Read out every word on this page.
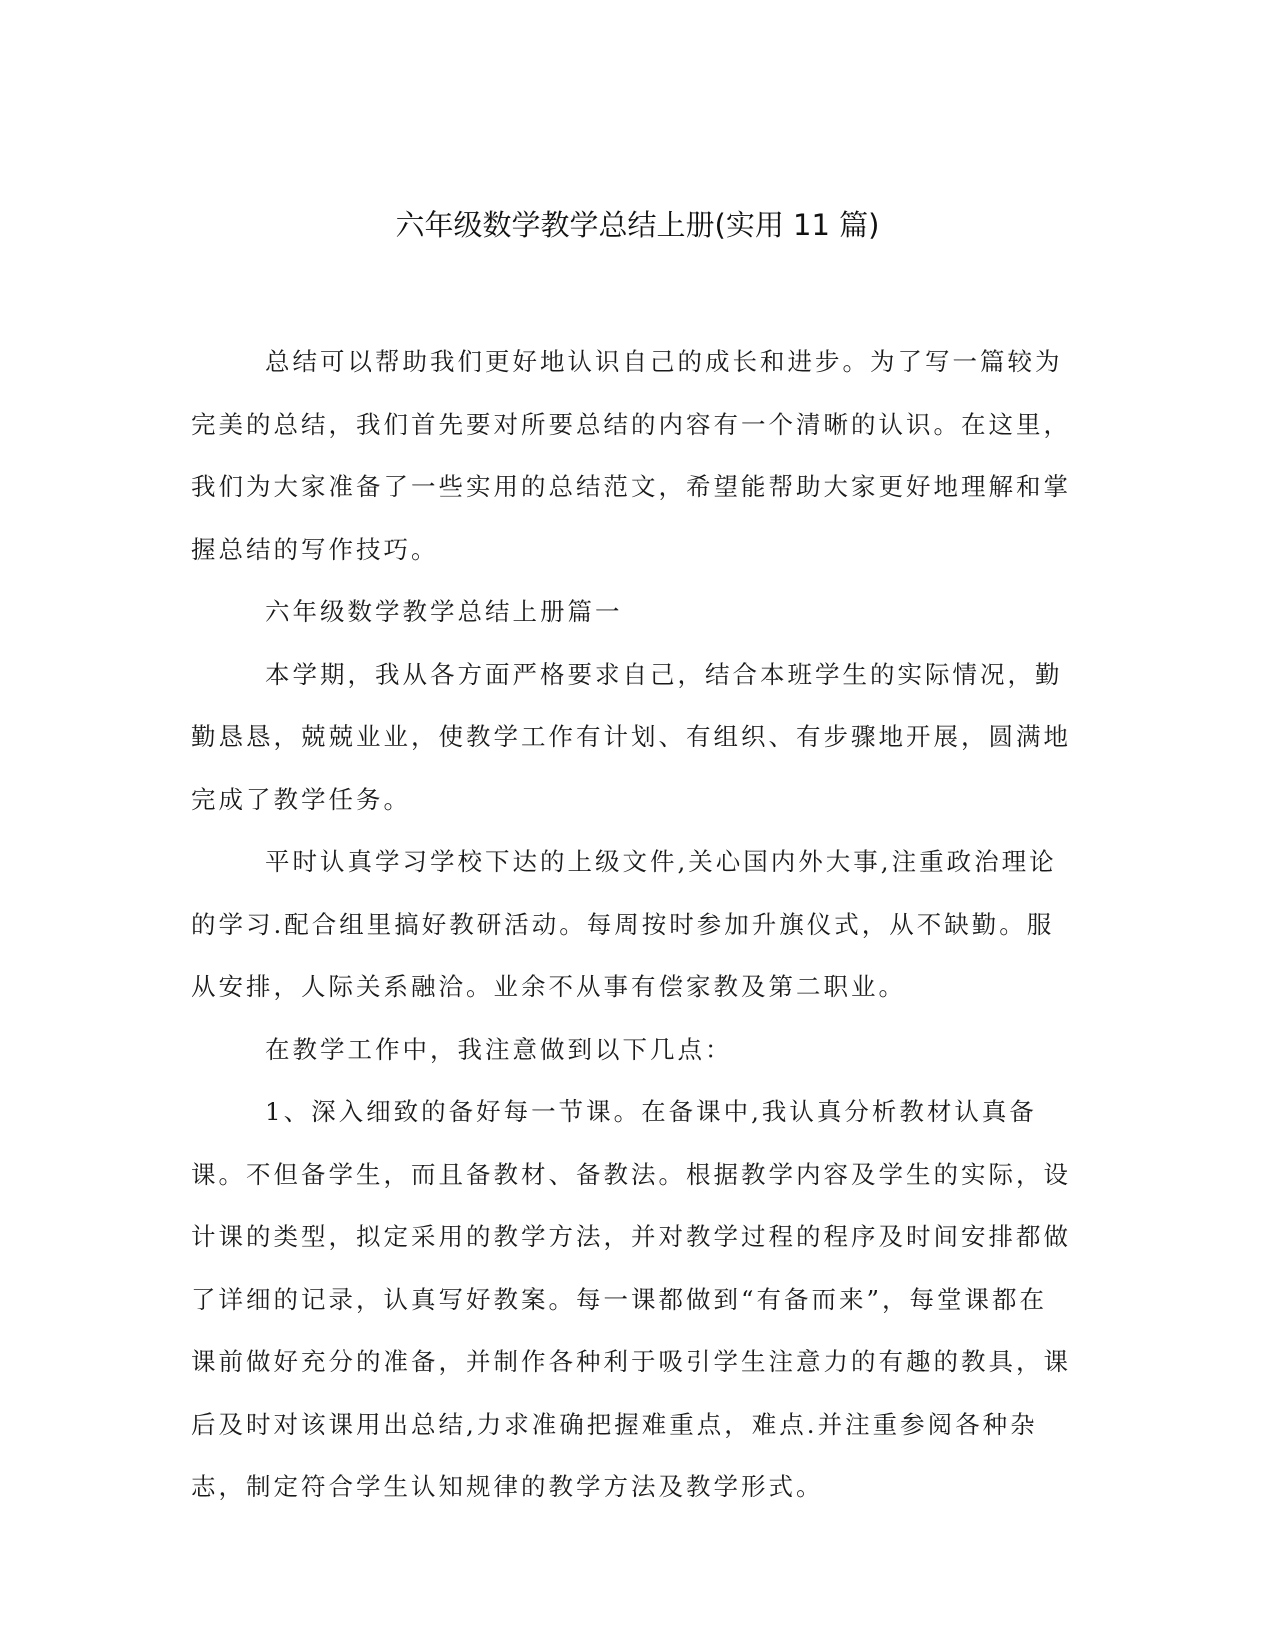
六年级数学教学总结上册(实用 11 篇)

总结可以帮助我们更好地认识自己的成长和进步。为了写一篇较为完美的总结，我们首先要对所要总结的内容有一个清晰的认识。在这里，我们为大家准备了一些实用的总结范文，希望能帮助大家更好地理解和掌握总结的写作技巧。

六年级数学教学总结上册篇一

本学期，我从各方面严格要求自己，结合本班学生的实际情况，勤勤恳恳，兢兢业业，使教学工作有计划、有组织、有步骤地开展，圆满地完成了教学任务。

平时认真学习学校下达的上级文件,关心国内外大事,注重政治理论的学习.配合组里搞好教研活动。每周按时参加升旗仪式，从不缺勤。服从安排，人际关系融洽。业余不从事有偿家教及第二职业。

在教学工作中，我注意做到以下几点：

1、深入细致的备好每一节课。在备课中,我认真分析教材认真备课。不但备学生，而且备教材、备教法。根据教学内容及学生的实际，设计课的类型，拟定采用的教学方法，并对教学过程的程序及时间安排都做了详细的记录，认真写好教案。每一课都做到“有备而来”，每堂课都在课前做好充分的准备，并制作各种利于吸引学生注意力的有趣的教具，课后及时对该课用出总结,力求准确把握难重点，难点.并注重参阅各种杂志，制定符合学生认知规律的教学方法及教学形式。
